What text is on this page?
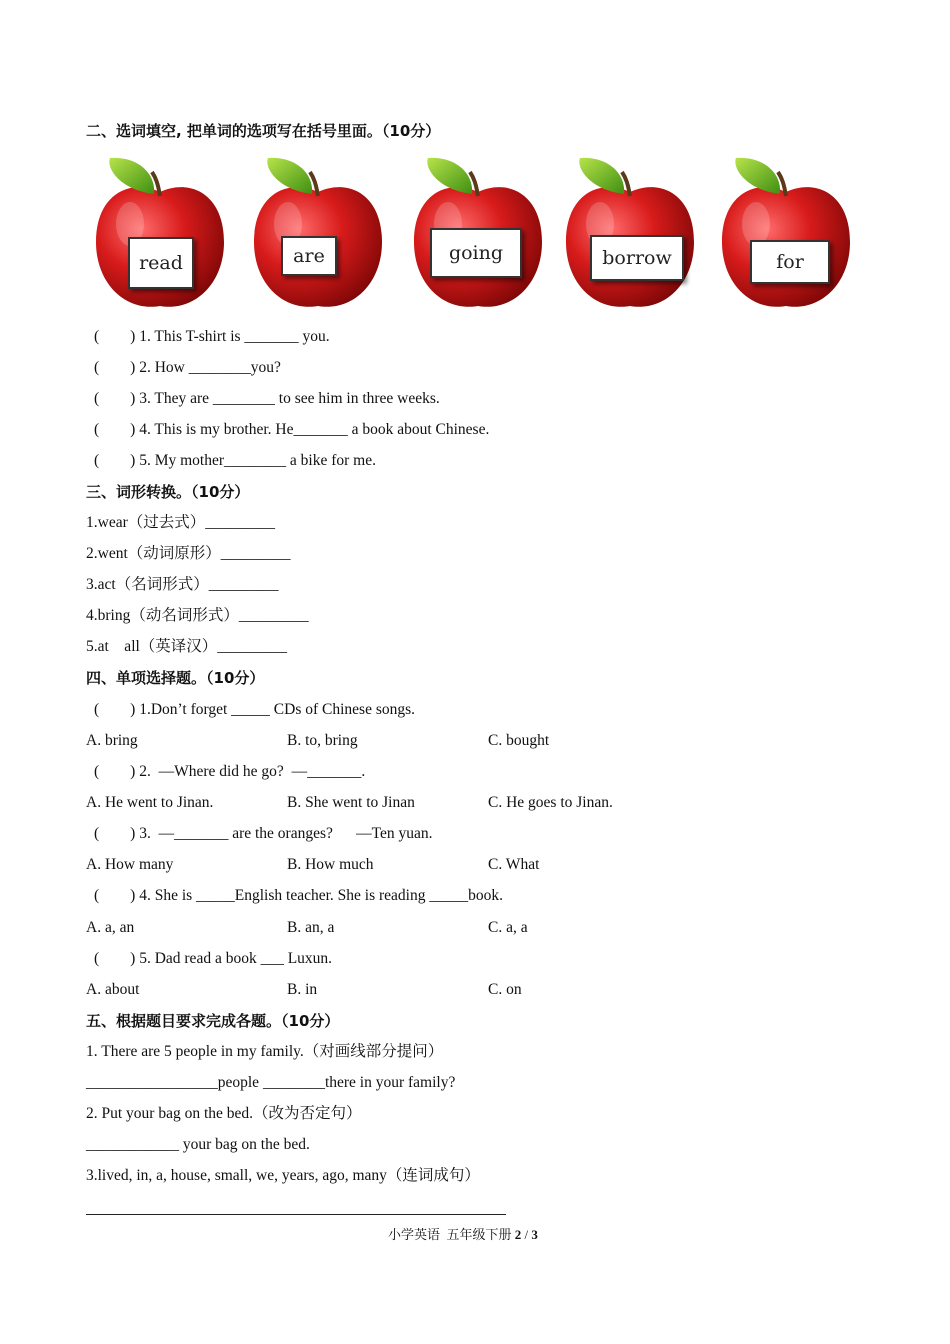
二、选词填空, 把单词的选项写在括号里面。（10分）
read	are	going	borrow	for
(        ) 1. This T-shirt is _______ you.
(        ) 2. How ________you?
(        ) 3. They are ________ to see him in three weeks.
(        ) 4. This is my brother. He_______ a book about Chinese.
(        ) 5. My mother________ a bike for me.
三、词形转换。（10分）
1.wear（过去式）_________
2.went（动词原形）_________
3.act（名词形式）_________
4.bring（动名词形式）_________
5.at    all（英译汉）_________
四、单项选择题。（10分）
(        ) 1.Don’t forget _____ CDs of Chinese songs.
A. bring	B. to, bring	C. bought
(        ) 2.  —Where did he go?  —_______.
A. He went to Jinan.	B. She went to Jinan	C. He goes to Jinan.
(        ) 3.  —_______ are the oranges?      —Ten yuan.
A. How many	B. How much	C. What
(        ) 4. She is _____English teacher. She is reading _____book.
A. a, an	B. an, a	C. a, a
(        ) 5. Dad read a book ___ Luxun.
A. about	B. in	C. on
五、根据题目要求完成各题。（10分）
1. There are 5 people in my family.（对画线部分提问）
_________________people ________there in your family?
2. Put your bag on the bed.（改为否定句）
____________ your bag on the bed.
3.lived, in, a, house, small, we, years, ago, many（连词成句）
小学英语  五年级下册 2 / 3
